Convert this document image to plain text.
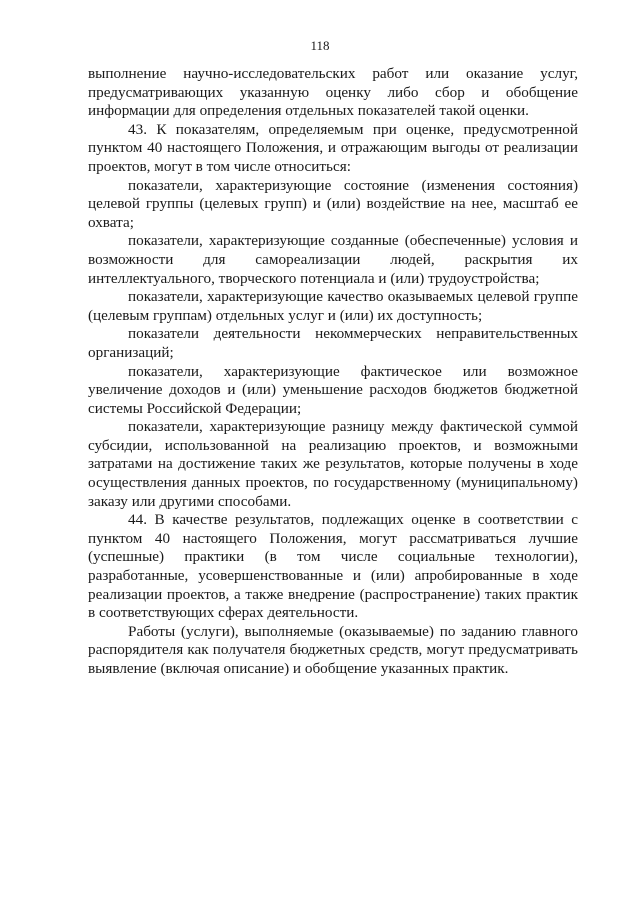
118

выполнение научно-исследовательских работ или оказание услуг, предусматривающих указанную оценку либо сбор и обобщение информации для определения отдельных показателей такой оценки.

43. К показателям, определяемым при оценке, предусмотренной пунктом 40 настоящего Положения, и отражающим выгоды от реализации проектов, могут в том числе относиться:

показатели, характеризующие состояние (изменения состояния) целевой группы (целевых групп) и (или) воздействие на нее, масштаб ее охвата;

показатели, характеризующие созданные (обеспеченные) условия и возможности для самореализации людей, раскрытия их интеллектуального, творческого потенциала и (или) трудоустройства;

показатели, характеризующие качество оказываемых целевой группе (целевым группам) отдельных услуг и (или) их доступность;

показатели деятельности некоммерческих неправительственных организаций;

показатели, характеризующие фактическое или возможное увеличение доходов и (или) уменьшение расходов бюджетов бюджетной системы Российской Федерации;

показатели, характеризующие разницу между фактической суммой субсидии, использованной на реализацию проектов, и возможными затратами на достижение таких же результатов, которые получены в ходе осуществления данных проектов, по государственному (муниципальному) заказу или другими способами.

44. В качестве результатов, подлежащих оценке в соответствии с пунктом 40 настоящего Положения, могут рассматриваться лучшие (успешные) практики (в том числе социальные технологии), разработанные, усовершенствованные и (или) апробированные в ходе реализации проектов, а также внедрение (распространение) таких практик в соответствующих сферах деятельности.

Работы (услуги), выполняемые (оказываемые) по заданию главного распорядителя как получателя бюджетных средств, могут предусматривать выявление (включая описание) и обобщение указанных практик.
